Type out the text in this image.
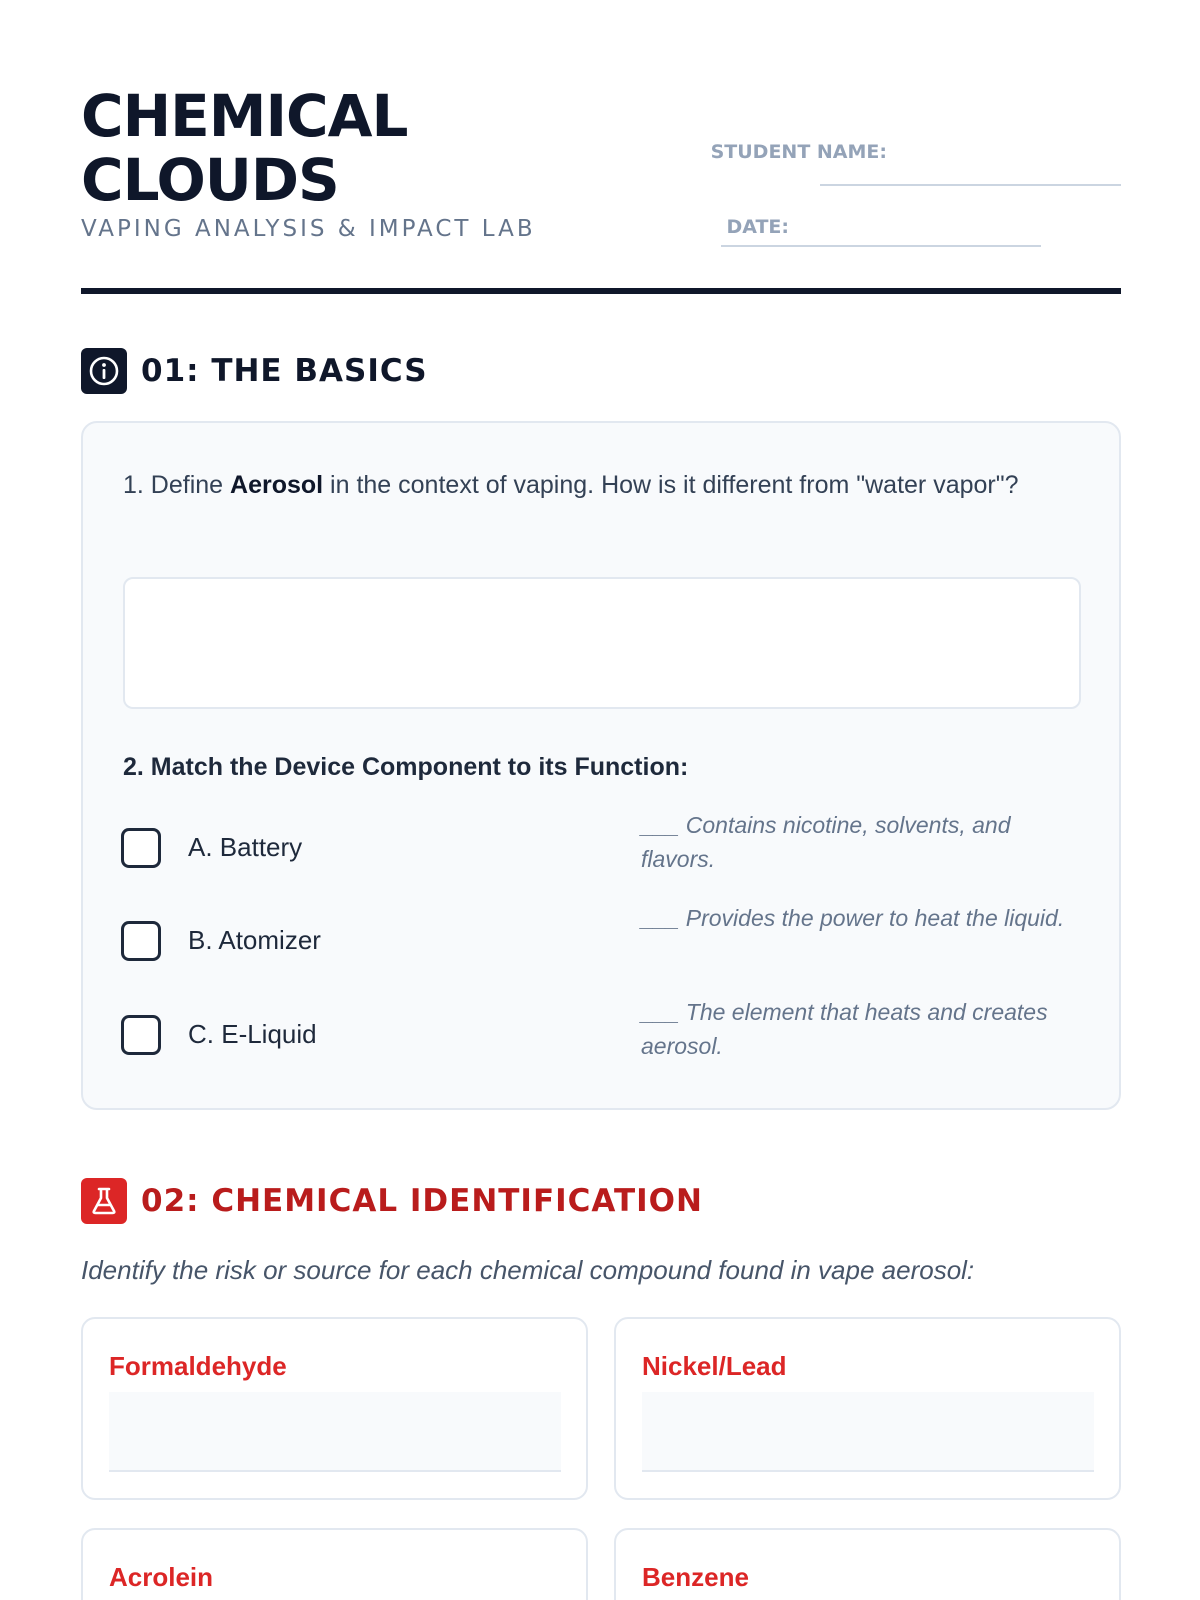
CHEMICAL
CLOUDS
VAPING ANALYSIS & IMPACT LAB
STUDENT NAME:
DATE:
01: THE BASICS
1. Define Aerosol in the context of vaping. How is it different from "water vapor"?
2. Match the Device Component to its Function:
A. Battery
___ Contains nicotine, solvents, and flavors.
B. Atomizer
___ Provides the power to heat the liquid.
C. E-Liquid
___ The element that heats and creates aerosol.
02: CHEMICAL IDENTIFICATION
Identify the risk or source for each chemical compound found in vape aerosol:
Formaldehyde	Nickel/Lead
Acrolein	Benzene
